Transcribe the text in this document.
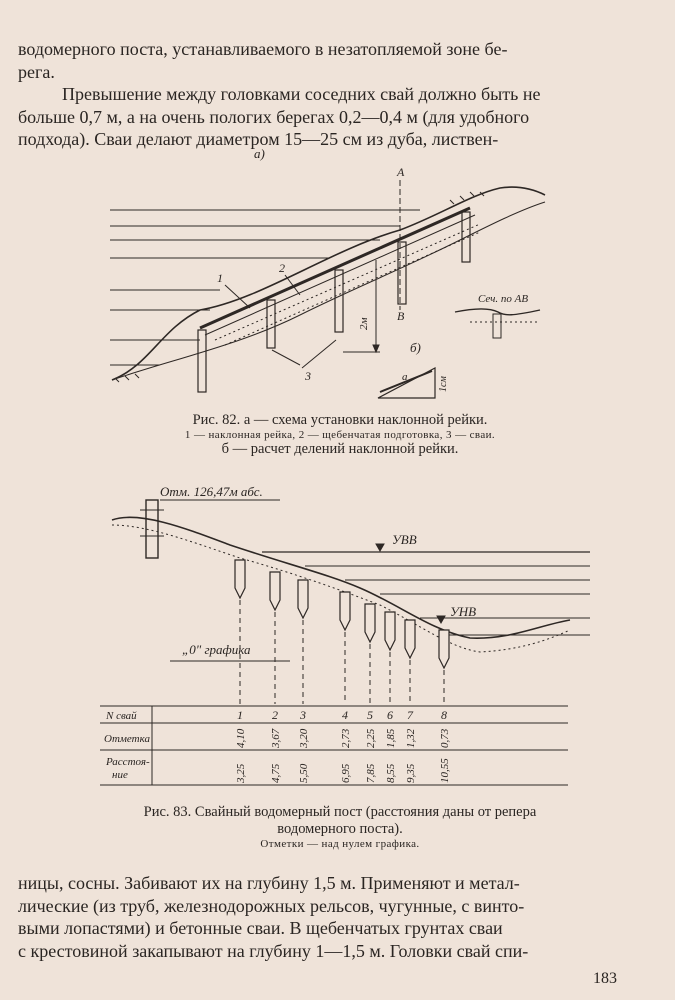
водомерного поста, устанавливаемого в незатопляемой зоне бе-
рега.
Превышение между головками соседних свай должно быть не
больше 0,7 м, а на очень пологих берегах 0,2—0,4 м (для удобного
подхода). Сваи делают диаметром 15—25 см из дуба, листвен-
а)
A
B
1
2
3
2м
б)
1см
a
Сеч. по АВ
Рис. 82. а — схема установки наклонной рейки.
1 — наклонная рейка, 2 — щебенчатая подготовка, 3 — сваи.
б — расчет делений наклонной рейки.
1
4,10
3,25
2
3,67
4,75
3
3,20
5,50
4
2,73
6,95
5
2,25
7,85
6
1,85
8,55
7
1,32
9,35
8
0,73
10,55
Отм. 126,47м абс.
УВВ
УНВ
„0" графика
N свай
Отметка
Расстоя-
ние
Рис. 83. Свайный водомерный пост (расстояния даны от репера
водомерного поста).
Отметки — над нулем графика.
ницы, сосны. Забивают их на глубину 1,5 м. Применяют и метал-
лические (из труб, железнодорожных рельсов, чугунные, с винто-
выми лопастями) и бетонные сваи. В щебенчатых грунтах сваи
с крестовиной закапывают на глубину 1—1,5 м. Головки свай спи-
183
